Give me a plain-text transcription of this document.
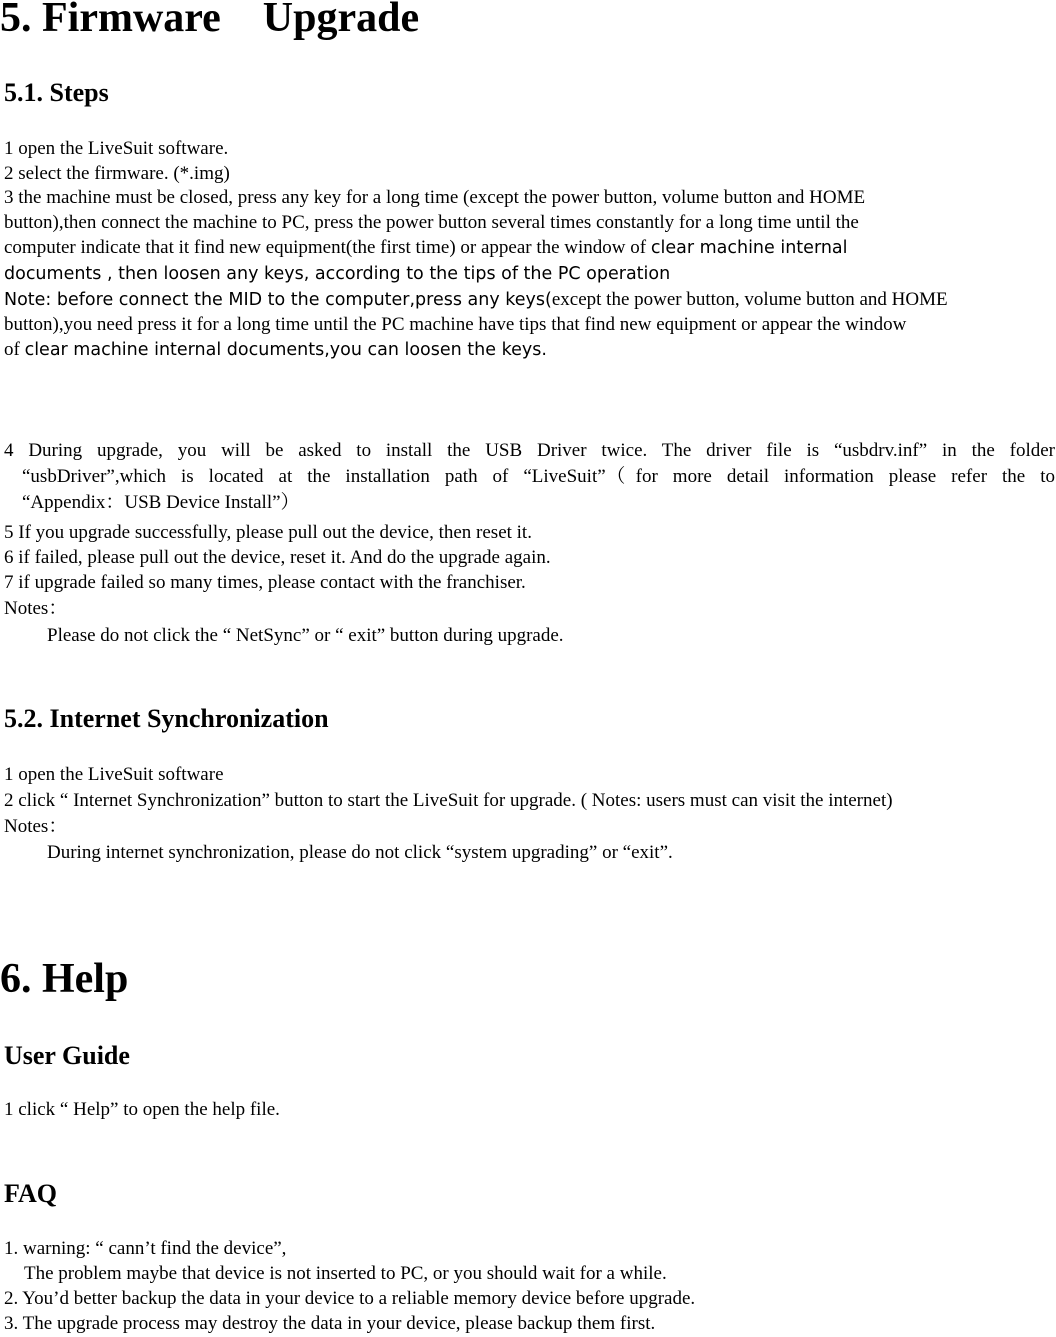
5. Firmware    Upgrade
5.1. Steps

1 open the LiveSuit software.

2 select the firmware. (*.img)

3 the machine must be closed, press any key for a long time (except the power button, volume button and HOME

button),then connect the machine to PC, press the power button several times constantly for a long time until the

computer indicate that it find new equipment(the first time) or appear the window of clear machine internal

documents , then loosen any keys, according to the tips of the PC operation

Note: before connect the MID to the computer,press any keys(except the power button, volume button and HOME

button),you need press it for a long time until the PC machine have tips that find new equipment or appear the window

of clear machine internal documents,you can loosen the keys.

4 During upgrade, you will be asked to install the USB Driver twice. The driver file is “usbdrv.inf” in the folder
“usbDriver”,which is located at the installation path of “LiveSuit”（for more detail information please refer the to
“Appendix：USB Device Install”）

5 If you upgrade successfully, please pull out the device, then reset it.

6 if failed, please pull out the device, reset it. And do the upgrade again.

7 if upgrade failed so many times, please contact with the franchiser.

Notes：

Please do not click the “ NetSync” or “ exit” button during upgrade.

5.2. Internet Synchronization

1 open the LiveSuit software

2 click “ Internet Synchronization” button to start the LiveSuit for upgrade. ( Notes: users must can visit the internet)

Notes：

During internet synchronization, please do not click “system upgrading” or “exit”.

6. Help
User Guide

1 click “ Help” to open the help file.

FAQ

1. warning: “ cann’t find the device”,

The problem maybe that device is not inserted to PC, or you should wait for a while.

2. You’d better backup the data in your device to a reliable memory device before upgrade.

3. The upgrade process may destroy the data in your device, please backup them first.
